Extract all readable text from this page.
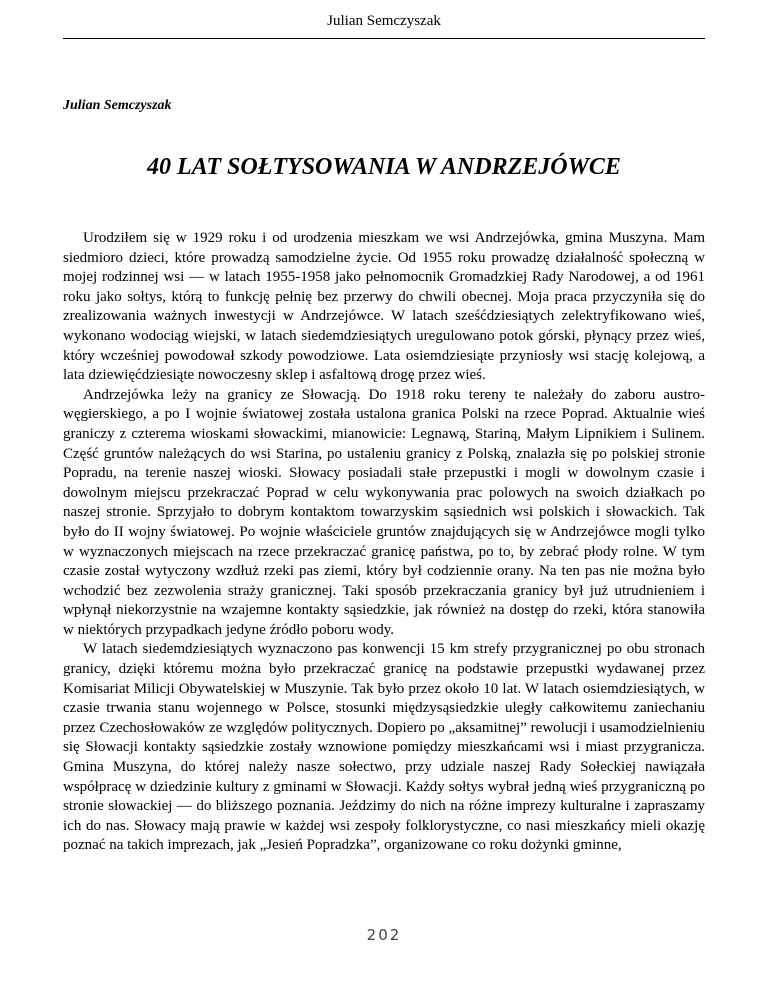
Julian Semczyszak
Julian Semczyszak
40 LAT SOŁTYSOWANIA W ANDRZEJÓWCE

Urodziłem się w 1929 roku i od urodzenia mieszkam we wsi Andrzejówka, gmina Muszyna. Mam siedmioro dzieci, które prowadzą samodzielne życie. Od 1955 roku prowadzę działalność społeczną w mojej rodzinnej wsi — w latach 1955-1958 jako pełnomocnik Gromadzkiej Rady Narodowej, a od 1961 roku jako sołtys, którą to funkcję pełnię bez przerwy do chwili obecnej. Moja praca przyczyniła się do zrealizowania ważnych inwestycji w Andrzejówce. W latach sześćdziesiątych zelektryfikowano wieś, wykonano wodociąg wiejski, w latach siedemdziesiątych uregulowano potok górski, płynący przez wieś, który wcześniej powodował szkody powodziowe. Lata osiemdziesiąte przyniosły wsi stację kolejową, a lata dziewięćdziesiąte nowoczesny sklep i asfaltową drogę przez wieś.

Andrzejówka leży na granicy ze Słowacją. Do 1918 roku tereny te należały do zaboru austro-węgierskiego, a po I wojnie światowej została ustalona granica Polski na rzece Poprad. Aktualnie wieś graniczy z czterema wioskami słowackimi, mianowicie: Legnawą, Stariną, Małym Lipnikiem i Sulinem. Część gruntów należących do wsi Starina, po ustaleniu granicy z Polską, znalazła się po polskiej stronie Popradu, na terenie naszej wioski. Słowacy posiadali stałe przepustki i mogli w dowolnym czasie i dowolnym miejscu przekraczać Poprad w celu wykonywania prac polowych na swoich działkach po naszej stronie. Sprzyjało to dobrym kontaktom towarzyskim sąsiednich wsi polskich i słowackich. Tak było do II wojny światowej. Po wojnie właściciele gruntów znajdujących się w Andrzejówce mogli tylko w wyznaczonych miejscach na rzece przekraczać granicę państwa, po to, by zebrać płody rolne. W tym czasie został wytyczony wzdłuż rzeki pas ziemi, który był codziennie orany. Na ten pas nie można było wchodzić bez zezwolenia straży granicznej. Taki sposób przekraczania granicy był już utrudnieniem i wpłynął niekorzystnie na wzajemne kontakty sąsiedzkie, jak również na dostęp do rzeki, która stanowiła w niektórych przypadkach jedyne źródło poboru wody.

W latach siedemdziesiątych wyznaczono pas konwencji 15 km strefy przygranicznej po obu stronach granicy, dzięki któremu można było przekraczać granicę na podstawie przepustki wydawanej przez Komisariat Milicji Obywatelskiej w Muszynie. Tak było przez około 10 lat. W latach osiemdziesiątych, w czasie trwania stanu wojennego w Polsce, stosunki międzysąsiedzkie uległy całkowitemu zaniechaniu przez Czechosłowaków ze względów politycznych. Dopiero po „aksamitnej” rewolucji i usamodzielnieniu się Słowacji kontakty sąsiedzkie zostały wznowione pomiędzy mieszkańcami wsi i miast przygranicza. Gmina Muszyna, do której należy nasze sołectwo, przy udziale naszej Rady Sołeckiej nawiązała współpracę w dziedzinie kultury z gminami w Słowacji. Każdy sołtys wybrał jedną wieś przygraniczną po stronie słowackiej — do bliższego poznania. Jeździmy do nich na różne imprezy kulturalne i zapraszamy ich do nas. Słowacy mają prawie w każdej wsi zespoły folklorystyczne, co nasi mieszkańcy mieli okazję poznać na takich imprezach, jak „Jesień Popradzka”, organizowane co roku dożynki gminne,

202
